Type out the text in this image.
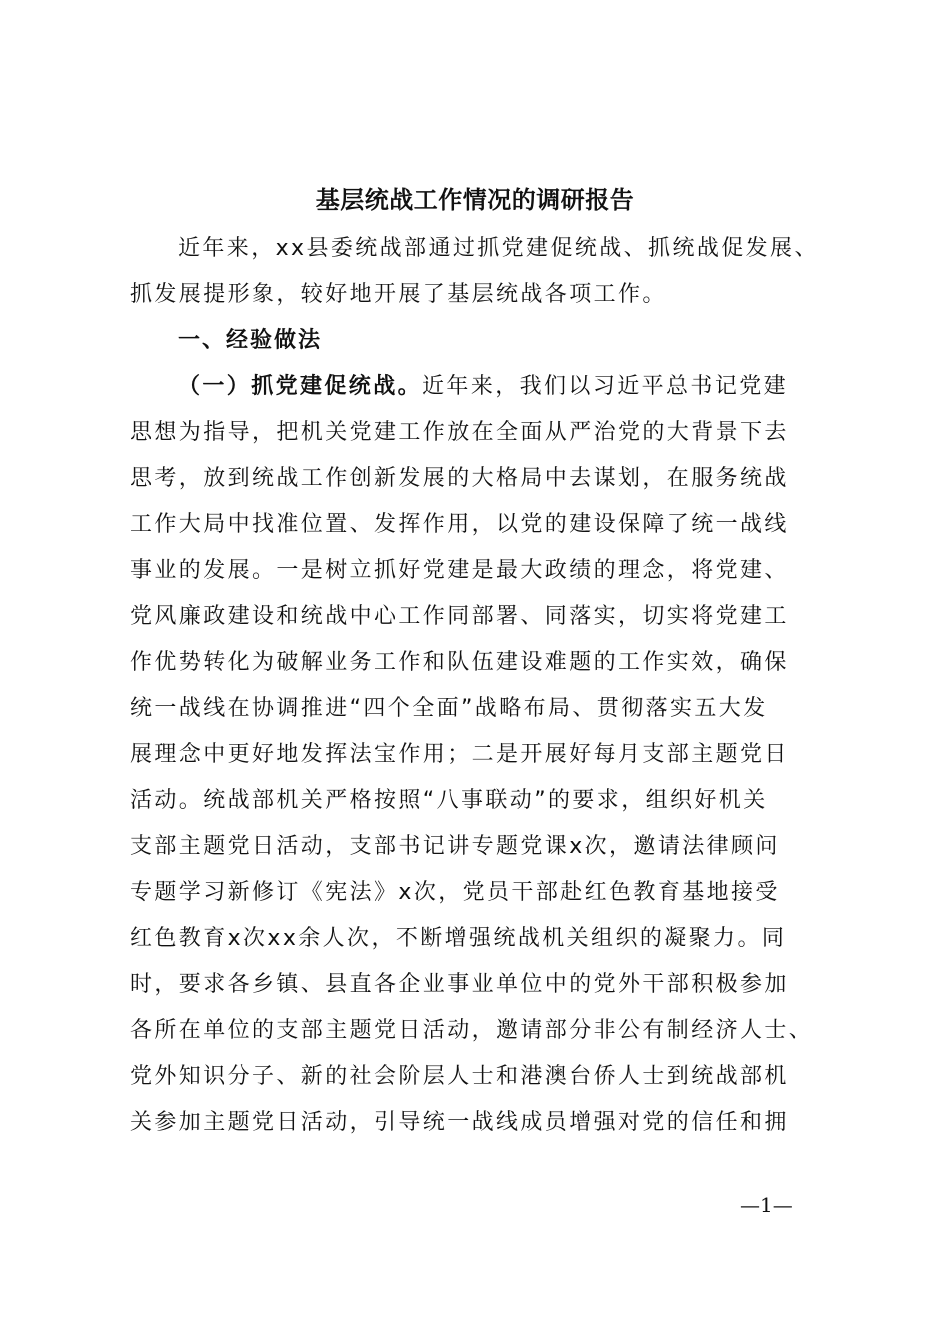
基层统战工作情况的调研报告
近年来，xx县委统战部通过抓党建促统战、抓统战促发展、
抓发展提形象，较好地开展了基层统战各项工作。
一、经验做法
（一）抓党建促统战。近年来，我们以习近平总书记党建
思想为指导，把机关党建工作放在全面从严治党的大背景下去
思考，放到统战工作创新发展的大格局中去谋划，在服务统战
工作大局中找准位置、发挥作用，以党的建设保障了统一战线
事业的发展。一是树立抓好党建是最大政绩的理念，将党建、
党风廉政建设和统战中心工作同部署、同落实，切实将党建工
作优势转化为破解业务工作和队伍建设难题的工作实效，确保
统一战线在协调推进“四个全面”战略布局、贯彻落实五大发
展理念中更好地发挥法宝作用；二是开展好每月支部主题党日
活动。统战部机关严格按照“八事联动”的要求，组织好机关
支部主题党日活动，支部书记讲专题党课x次，邀请法律顾问
专题学习新修订《宪法》x次，党员干部赴红色教育基地接受
红色教育x次xx余人次，不断增强统战机关组织的凝聚力。同
时，要求各乡镇、县直各企业事业单位中的党外干部积极参加
各所在单位的支部主题党日活动，邀请部分非公有制经济人士、
党外知识分子、新的社会阶层人士和港澳台侨人士到统战部机
关参加主题党日活动，引导统一战线成员增强对党的信任和拥
—1—
